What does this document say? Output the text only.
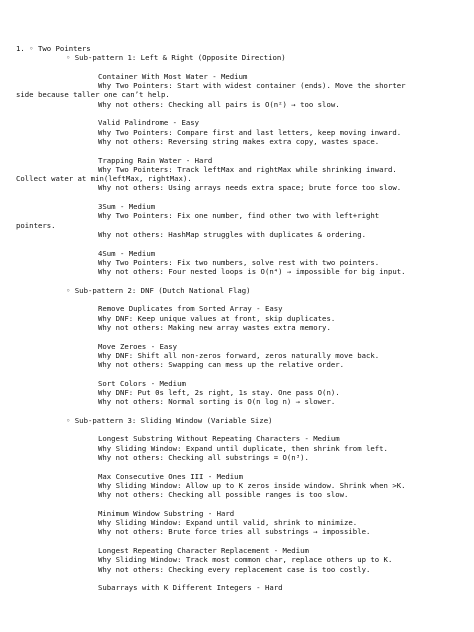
1. ◦ Two Pointers
◦ Sub-pattern 1: Left & Right (Opposite Direction)
Container With Most Water - Medium
Why Two Pointers: Start with widest container (ends). Move the shorter
side because taller one can’t help.
Why not others: Checking all pairs is O(n²) → too slow.
Valid Palindrome - Easy
Why Two Pointers: Compare first and last letters, keep moving inward.
Why not others: Reversing string makes extra copy, wastes space.
Trapping Rain Water - Hard
Why Two Pointers: Track leftMax and rightMax while shrinking inward.
Collect water at min(leftMax, rightMax).
Why not others: Using arrays needs extra space; brute force too slow.
3Sum - Medium
Why Two Pointers: Fix one number, find other two with left+right
pointers.
Why not others: HashMap struggles with duplicates & ordering.
4Sum - Medium
Why Two Pointers: Fix two numbers, solve rest with two pointers.
Why not others: Four nested loops is O(n⁴) → impossible for big input.
◦ Sub-pattern 2: DNF (Dutch National Flag)
Remove Duplicates from Sorted Array - Easy
Why DNF: Keep unique values at front, skip duplicates.
Why not others: Making new array wastes extra memory.
Move Zeroes - Easy
Why DNF: Shift all non-zeros forward, zeros naturally move back.
Why not others: Swapping can mess up the relative order.
Sort Colors - Medium
Why DNF: Put 0s left, 2s right, 1s stay. One pass O(n).
Why not others: Normal sorting is O(n log n) → slower.
◦ Sub-pattern 3: Sliding Window (Variable Size)
Longest Substring Without Repeating Characters - Medium
Why Sliding Window: Expand until duplicate, then shrink from left.
Why not others: Checking all substrings = O(n³).
Max Consecutive Ones III - Medium
Why Sliding Window: Allow up to K zeros inside window. Shrink when >K.
Why not others: Checking all possible ranges is too slow.
Minimum Window Substring - Hard
Why Sliding Window: Expand until valid, shrink to minimize.
Why not others: Brute force tries all substrings → impossible.
Longest Repeating Character Replacement - Medium
Why Sliding Window: Track most common char, replace others up to K.
Why not others: Checking every replacement case is too costly.
Subarrays with K Different Integers - Hard
